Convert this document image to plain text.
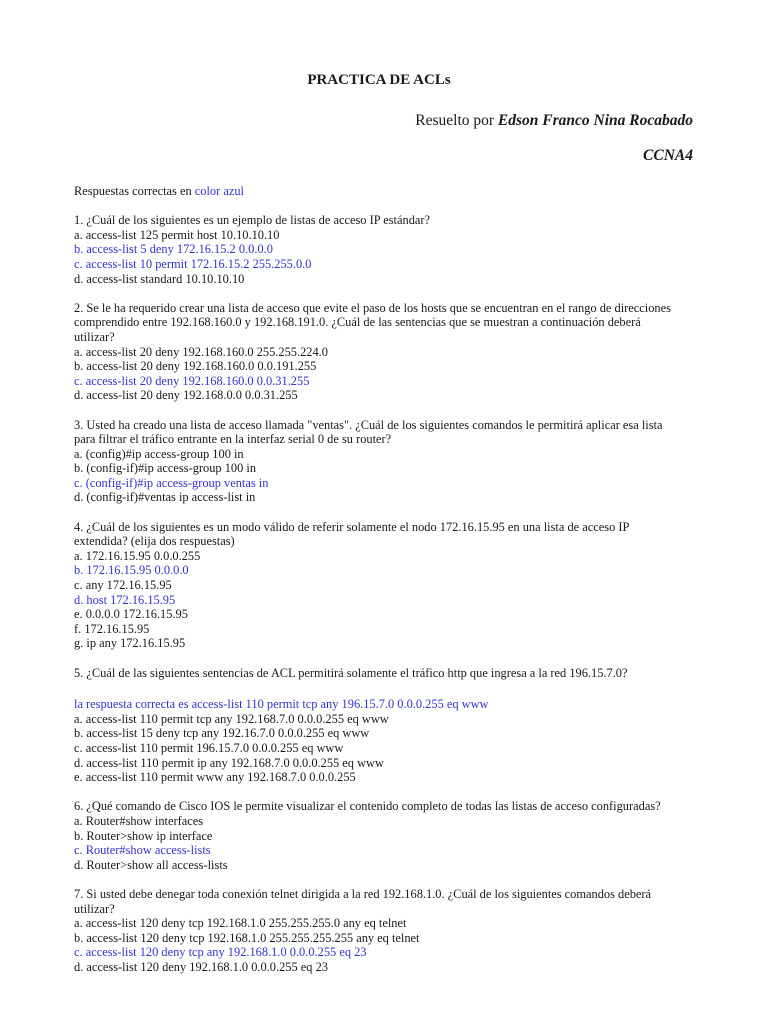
PRACTICA DE ACLs
Resuelto por Edson Franco Nina Rocabado
CCNA4

Respuestas correctas en color azul

1. ¿Cuál de los siguientes es un ejemplo de listas de acceso IP estándar?

a. access-list 125 permit host 10.10.10.10

b. access-list 5 deny 172.16.15.2 0.0.0.0

c. access-list 10 permit 172.16.15.2 255.255.0.0

d. access-list standard 10.10.10.10

2. Se le ha requerido crear una lista de acceso que evite el paso de los hosts que se encuentran en el rango de direcciones

comprendido entre 192.168.160.0 y 192.168.191.0. ¿Cuál de las sentencias que se muestran a continuación deberá

utilizar?

a. access-list 20 deny 192.168.160.0 255.255.224.0

b. access-list 20 deny 192.168.160.0 0.0.191.255

c. access-list 20 deny 192.168.160.0 0.0.31.255

d. access-list 20 deny 192.168.0.0 0.0.31.255

3. Usted ha creado una lista de acceso llamada "ventas". ¿Cuál de los siguientes comandos le permitirá aplicar esa lista

para filtrar el tráfico entrante en la interfaz serial 0 de su router?

a. (config)#ip access-group 100 in

b. (config-if)#ip access-group 100 in

c. (config-if)#ip access-group ventas in

d. (config-if)#ventas ip access-list in

4. ¿Cuál de los siguientes es un modo válido de referir solamente el nodo 172.16.15.95 en una lista de acceso IP

extendida? (elija dos respuestas)

a. 172.16.15.95 0.0.0.255

b. 172.16.15.95 0.0.0.0

c. any 172.16.15.95

d. host 172.16.15.95

e. 0.0.0.0 172.16.15.95

f. 172.16.15.95

g. ip any 172.16.15.95

5. ¿Cuál de las siguientes sentencias de ACL permitirá solamente el tráfico http que ingresa a la red 196.15.7.0?

la respuesta correcta es access-list 110 permit tcp any 196.15.7.0 0.0.0.255 eq www

a. access-list 110 permit tcp any 192.168.7.0 0.0.0.255 eq www

b. access-list 15 deny tcp any 192.16.7.0 0.0.0.255 eq www

c. access-list 110 permit 196.15.7.0 0.0.0.255 eq www

d. access-list 110 permit ip any 192.168.7.0 0.0.0.255 eq www

e. access-list 110 permit www any 192.168.7.0 0.0.0.255

6. ¿Qué comando de Cisco IOS le permite visualizar el contenido completo de todas las listas de acceso configuradas?

a. Router#show interfaces

b. Router>show ip interface

c. Router#show access-lists

d. Router>show all access-lists

7. Si usted debe denegar toda conexión telnet dirigida a la red 192.168.1.0. ¿Cuál de los siguientes comandos deberá

utilizar?

a. access-list 120 deny tcp 192.168.1.0 255.255.255.0 any eq telnet

b. access-list 120 deny tcp 192.168.1.0 255.255.255.255 any eq telnet

c. access-list 120 deny tcp any 192.168.1.0 0.0.0.255 eq 23

d. access-list 120 deny 192.168.1.0 0.0.0.255 eq 23
